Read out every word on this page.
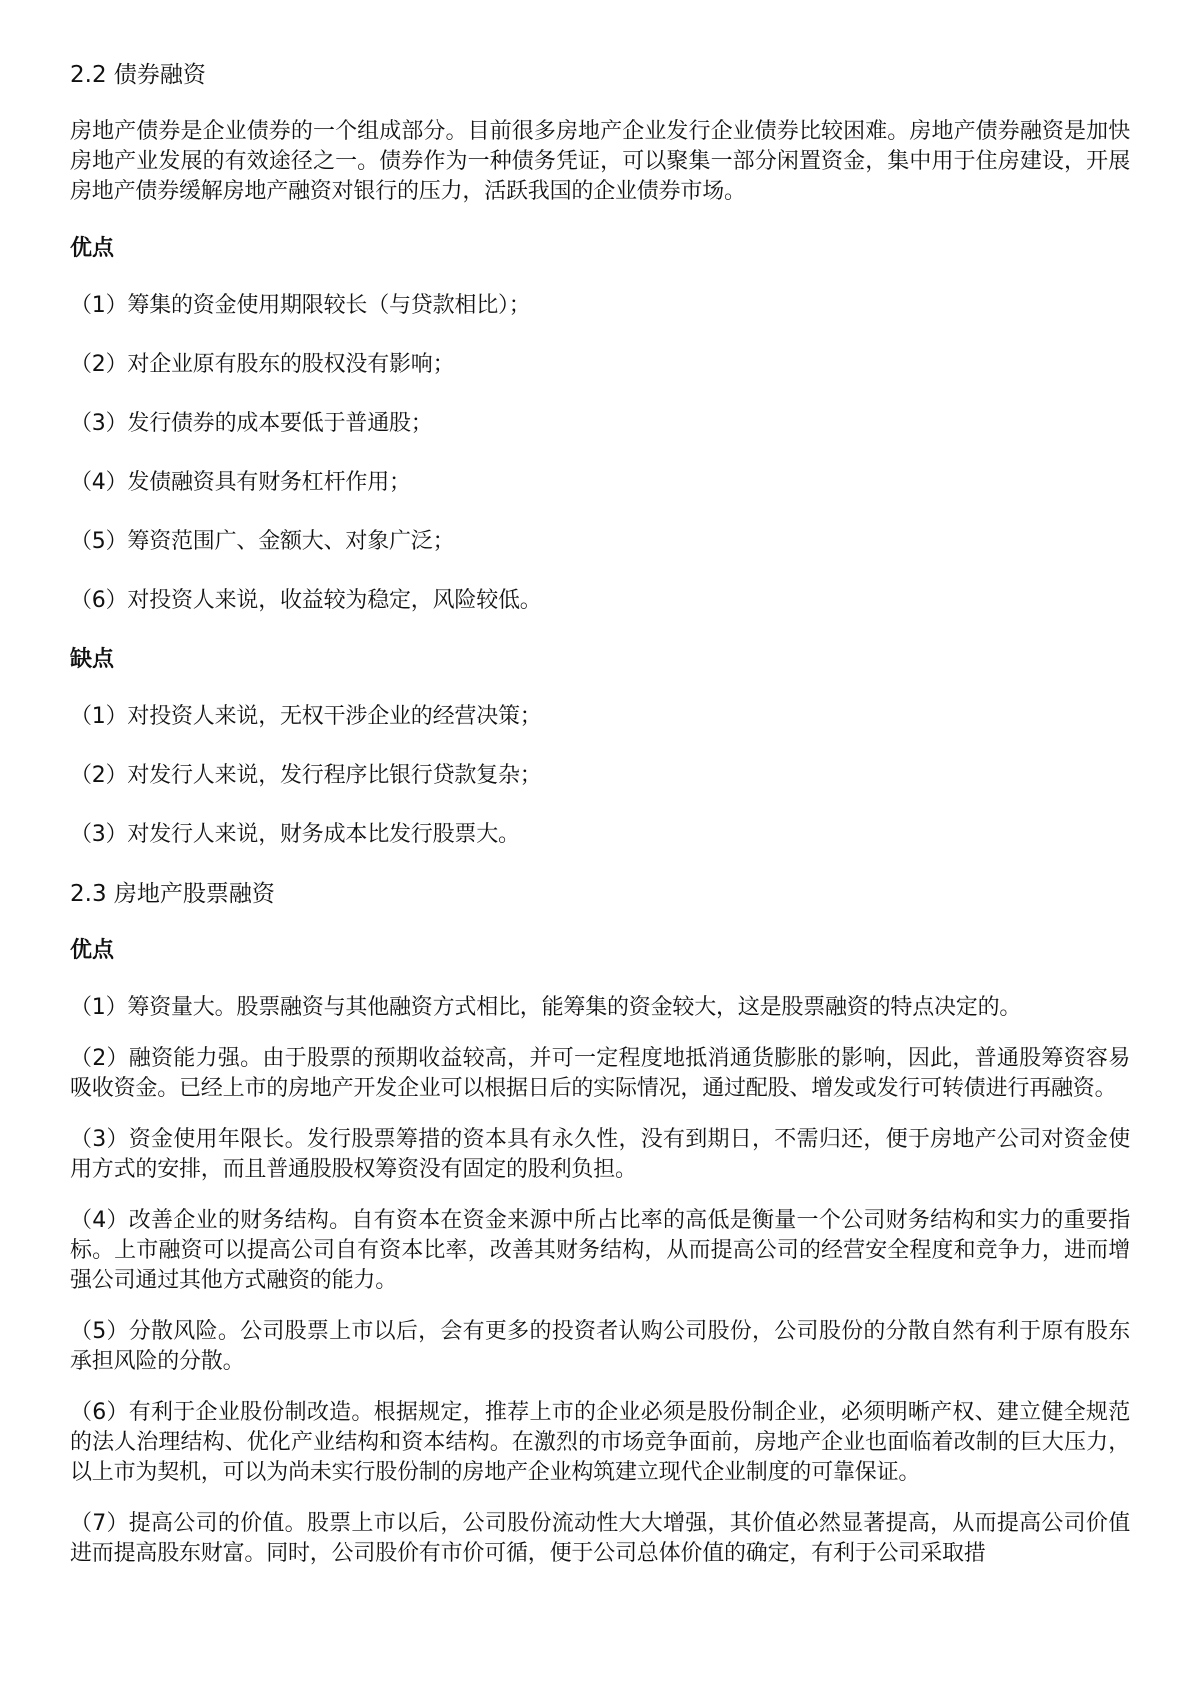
2.2 债券融资
房地产债券是企业债券的一个组成部分。目前很多房地产企业发行企业债券比较困难。房地产债券融资是加快房地产业发展的有效途径之一。债券作为一种债务凭证，可以聚集一部分闲置资金，集中用于住房建设，开展房地产债券缓解房地产融资对银行的压力，活跃我国的企业债券市场。
优点
（1）筹集的资金使用期限较长（与贷款相比）；
（2）对企业原有股东的股权没有影响；
（3）发行债券的成本要低于普通股；
（4）发债融资具有财务杠杆作用；
（5）筹资范围广、金额大、对象广泛；
（6）对投资人来说，收益较为稳定，风险较低。
缺点
（1）对投资人来说，无权干涉企业的经营决策；
（2）对发行人来说，发行程序比银行贷款复杂；
（3）对发行人来说，财务成本比发行股票大。
2.3 房地产股票融资
优点
（1）筹资量大。股票融资与其他融资方式相比，能筹集的资金较大，这是股票融资的特点决定的。
（2）融资能力强。由于股票的预期收益较高，并可一定程度地抵消通货膨胀的影响，因此，普通股筹资容易吸收资金。已经上市的房地产开发企业可以根据日后的实际情况，通过配股、增发或发行可转债进行再融资。
（3）资金使用年限长。发行股票筹措的资本具有永久性，没有到期日，不需归还，便于房地产公司对资金使用方式的安排，而且普通股股权筹资没有固定的股利负担。
（4）改善企业的财务结构。自有资本在资金来源中所占比率的高低是衡量一个公司财务结构和实力的重要指标。上市融资可以提高公司自有资本比率，改善其财务结构，从而提高公司的经营安全程度和竞争力，进而增强公司通过其他方式融资的能力。
（5）分散风险。公司股票上市以后，会有更多的投资者认购公司股份，公司股份的分散自然有利于原有股东承担风险的分散。
（6）有利于企业股份制改造。根据规定，推荐上市的企业必须是股份制企业，必须明晰产权、建立健全规范的法人治理结构、优化产业结构和资本结构。在激烈的市场竞争面前，房地产企业也面临着改制的巨大压力，以上市为契机，可以为尚未实行股份制的房地产企业构筑建立现代企业制度的可靠保证。
（7）提高公司的价值。股票上市以后，公司股份流动性大大增强，其价值必然显著提高，从而提高公司价值进而提高股东财富。同时，公司股价有市价可循，便于公司总体价值的确定，有利于公司采取措
